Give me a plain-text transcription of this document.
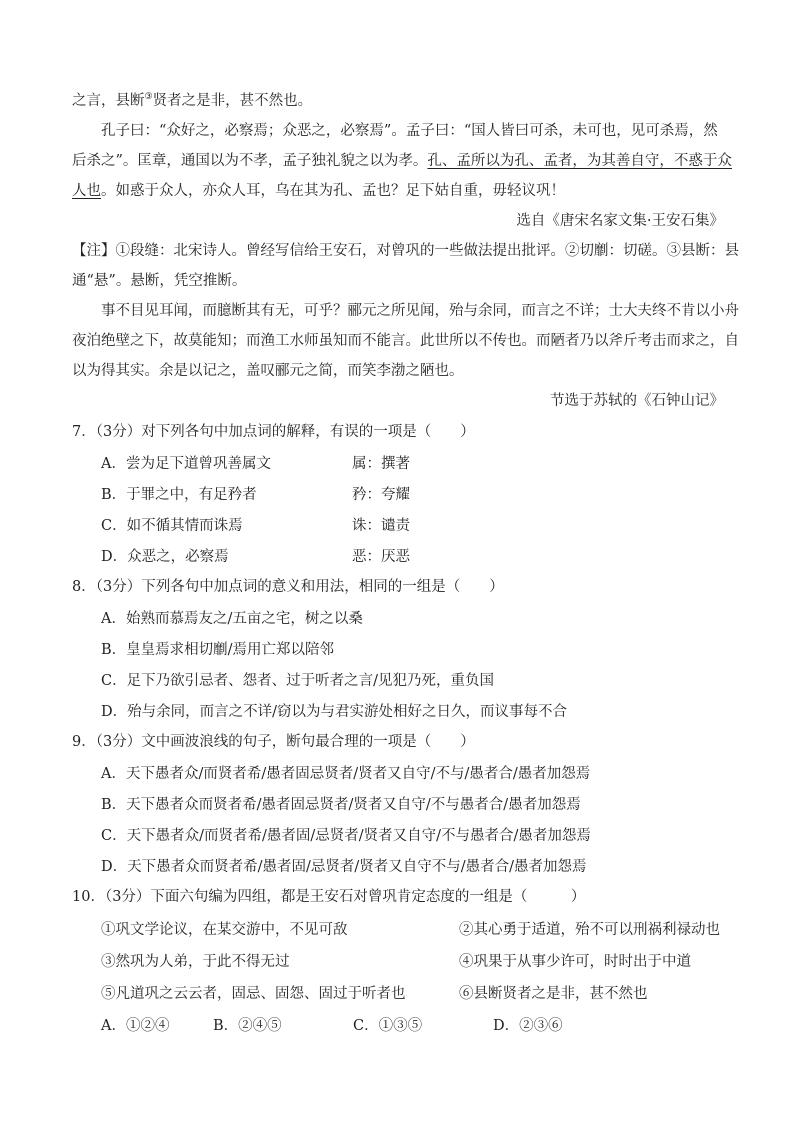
之言，县断③贤者之是非，甚不然也。
孔子曰：“众好之，必察焉；众恶之，必察焉”。孟子曰：“国人皆曰可杀，未可也，见可杀焉，然
后杀之”。匡章，通国以为不孝，孟子独礼貌之以为孝。孔、孟所以为孔、孟者，为其善自守，不惑于众
人也。如惑于众人，亦众人耳，乌在其为孔、孟也？足下姑自重，毋轻议巩！
选自《唐宋名家文集·王安石集》
【注】①段缝：北宋诗人。曾经写信给王安石，对曾巩的一些做法提出批评。②切劘：切磋。③县断：县
通“悬”。悬断，凭空推断。
事不目见耳闻，而臆断其有无，可乎？郦元之所见闻，殆与余同，而言之不详；士大夫终不肯以小舟
夜泊绝壁之下，故莫能知；而渔工水师虽知而不能言。此世所以不传也。而陋者乃以斧斤考击而求之，自
以为得其实。余是以记之，盖叹郦元之简，而笑李渤之陋也。
节选于苏轼的《石钟山记》
7．（3分）对下列各句中加点词的解释，有误的一项是（　　）
A．尝为足下道曾巩善属文	属：撰著
B．于罪之中，有足矜者	矜：夸耀
C．如不循其情而诛焉	诛：谴责
D．众恶之，必察焉	恶：厌恶
8．（3分）下列各句中加点词的意义和用法，相同的一组是（　　）
A．始熟而慕焉友之/五亩之宅，树之以桑
B．皇皇焉求相切劘/焉用亡郑以陪邻
C．足下乃欲引忌者、怨者、过于听者之言/见犯乃死，重负国
D．殆与余同，而言之不详/窃以为与君实游处相好之日久，而议事每不合
9．（3分）文中画波浪线的句子，断句最合理的一项是（　　）
A．天下愚者众/而贤者希/愚者固忌贤者/贤者又自守/不与/愚者合/愚者加怨焉
B．天下愚者众而贤者希/愚者固忌贤者/贤者又自守/不与愚者合/愚者加怨焉
C．天下愚者众/而贤者希/愚者固/忌贤者/贤者又自守/不与愚者合/愚者加怨焉
D．天下愚者众而贤者希/愚者固/忌贤者/贤者又自守不与/愚者合/愚者加怨焉
10．（3分）下面六句编为四组，都是王安石对曾巩肯定态度的一组是（　　　）
①巩文学论议，在某交游中，不见可敌	②其心勇于适道，殆不可以刑祸利禄动也
③然巩为人弟，于此不得无过	④巩果于从事少许可，时时出于中道
⑤凡道巩之云云者，固忌、固怨、固过于听者也	⑥县断贤者之是非，甚不然也
A．①②④	B．②④⑤	C．①③⑤	D．②③⑥
